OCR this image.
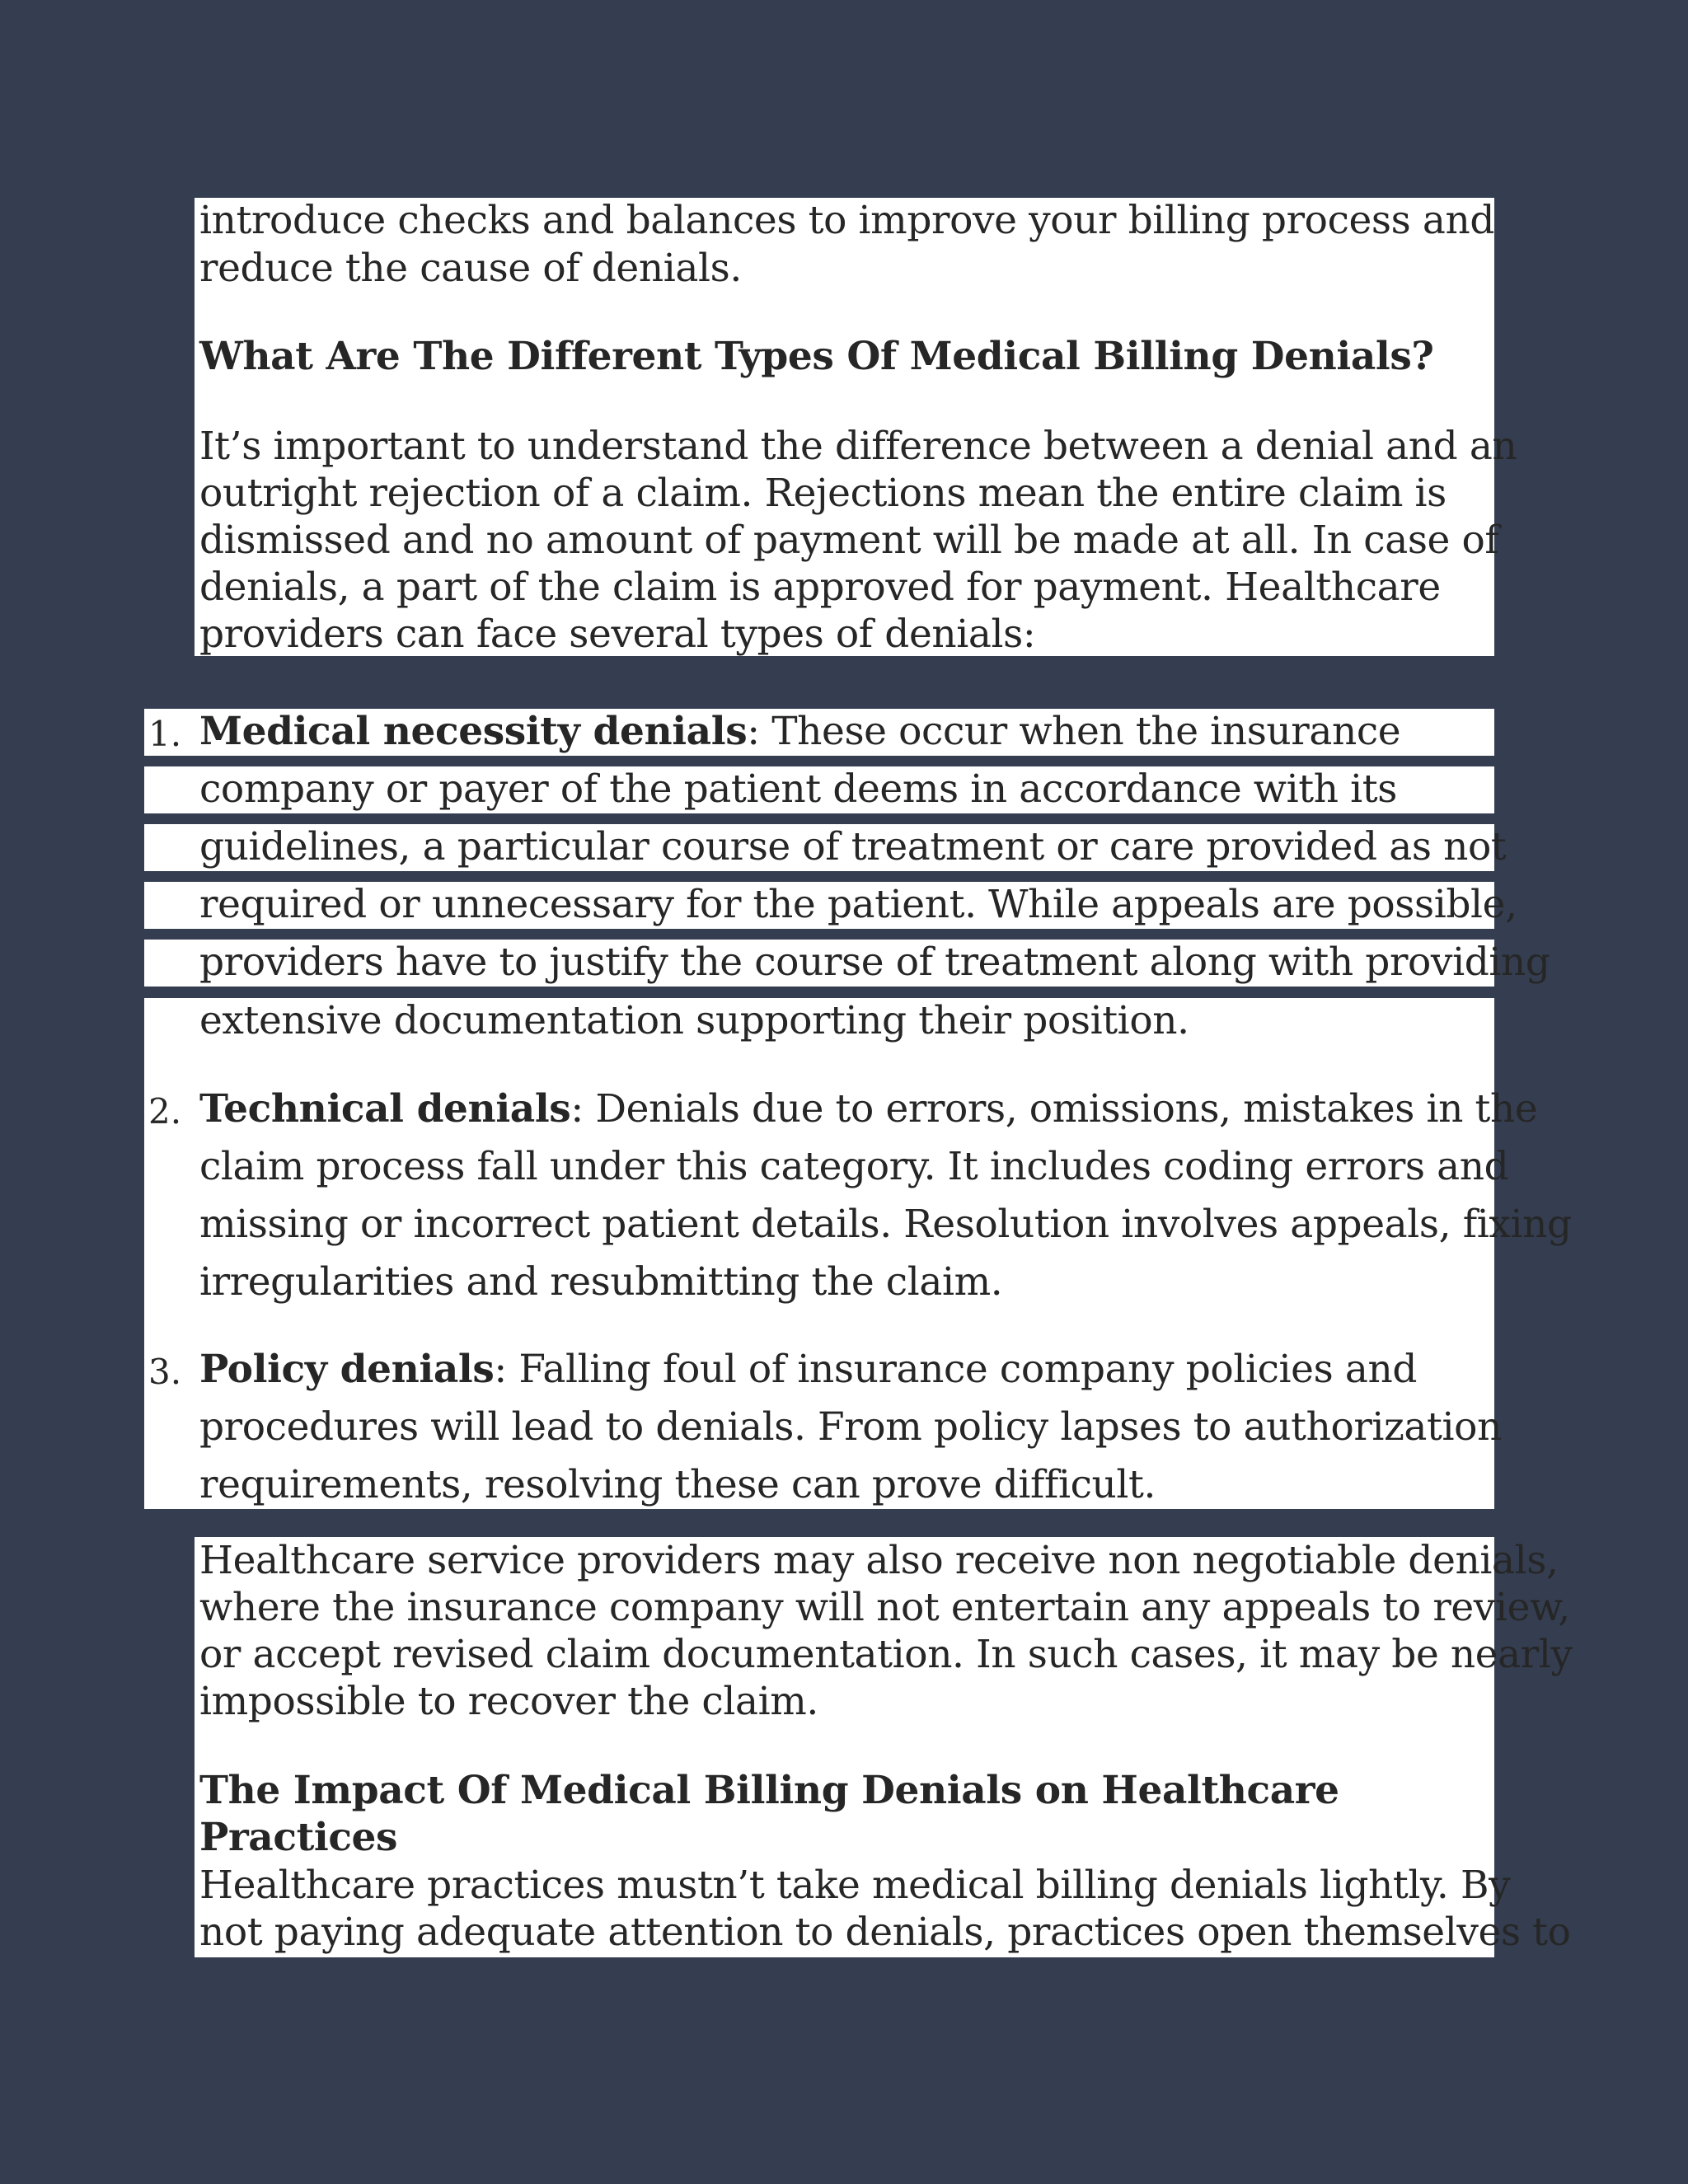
introduce checks and balances to improve your billing process and
reduce the cause of denials.
What Are The Different Types Of Medical Billing Denials?
It’s important to understand the difference between a denial and an
outright rejection of a claim. Rejections mean the entire claim is
dismissed and no amount of payment will be made at all. In case of
denials, a part of the claim is approved for payment. Healthcare
providers can face several types of denials:
1. Medical necessity denials: These occur when the insurance
company or payer of the patient deems in accordance with its
guidelines, a particular course of treatment or care provided as not
required or unnecessary for the patient. While appeals are possible,
providers have to justify the course of treatment along with providing
extensive documentation supporting their position.
2. Technical denials: Denials due to errors, omissions, mistakes in the
claim process fall under this category. It includes coding errors and
missing or incorrect patient details. Resolution involves appeals, fixing
irregularities and resubmitting the claim.
3. Policy denials: Falling foul of insurance company policies and
procedures will lead to denials. From policy lapses to authorization
requirements, resolving these can prove difficult.
Healthcare service providers may also receive non negotiable denials,
where the insurance company will not entertain any appeals to review,
or accept revised claim documentation. In such cases, it may be nearly
impossible to recover the claim.
The Impact Of Medical Billing Denials on Healthcare
Practices
Healthcare practices mustn’t take medical billing denials lightly. By
not paying adequate attention to denials, practices open themselves to
